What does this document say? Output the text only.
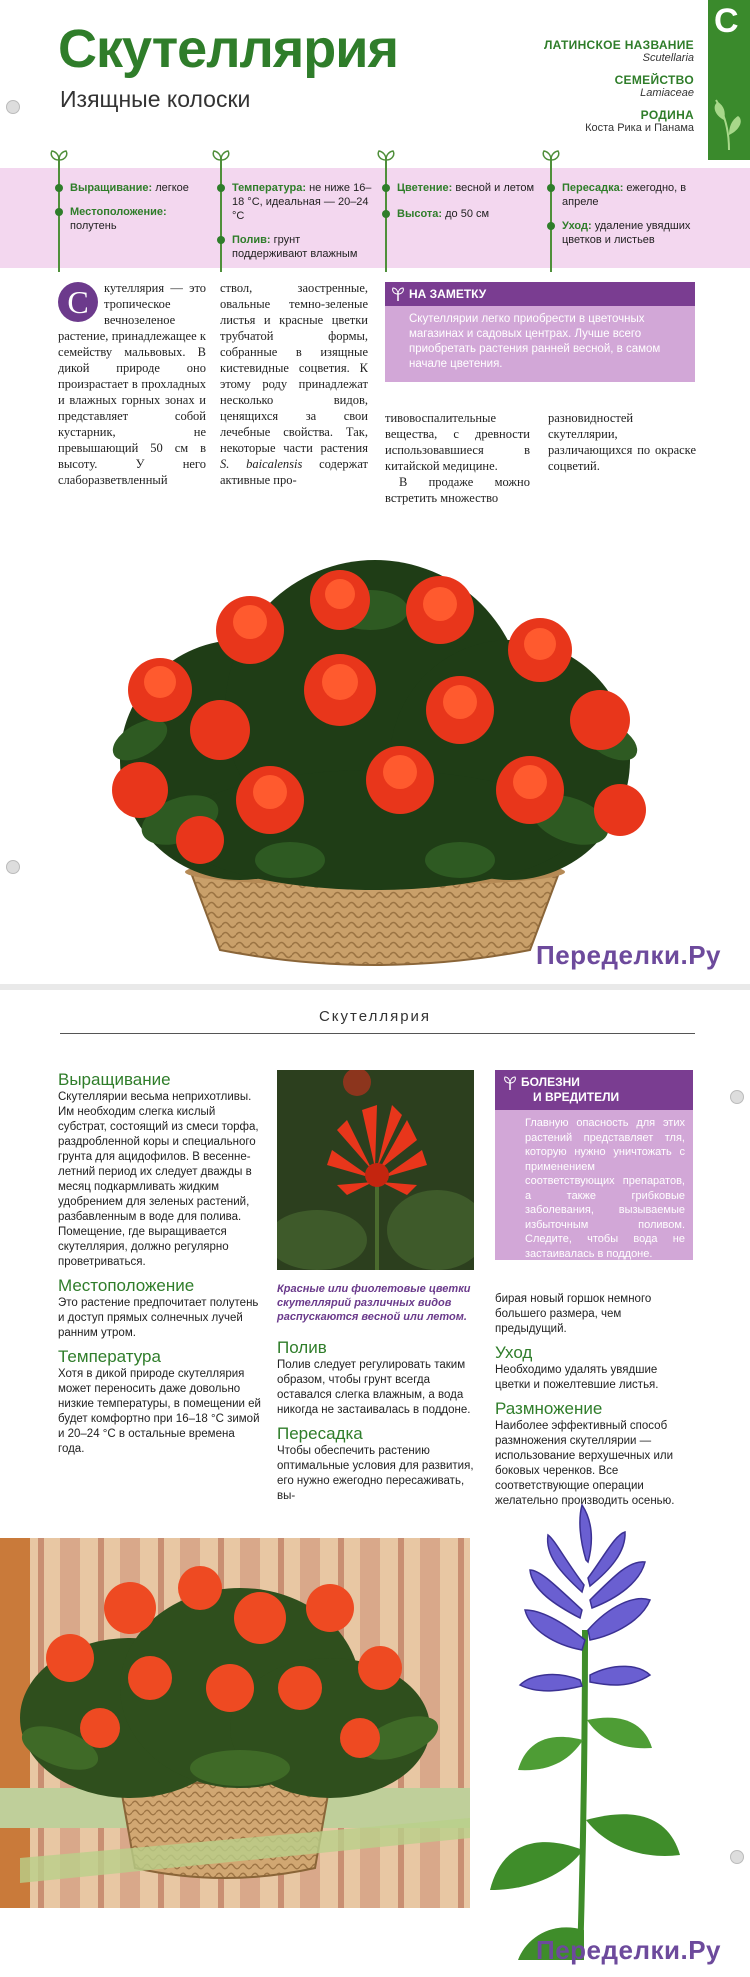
Скутеллярия
Изящные колоски
ЛАТИНСКОЕ НАЗВАНИЕ
Scutellaria
СЕМЕЙСТВО
Lamiaceae
РОДИНА
Коста Рика и Панама
С
Выращивание: легкое
Местоположение: полутень
Температура: не ниже 16–18 °С, идеальная — 20–24 °С
Полив: грунт поддерживают влажным
Цветение: весной и летом
Высота: до 50 см
Пересадка: ежегодно, в апреле
Уход: удаление увядших цветков и листьев
С	кутеллярия — это тропическое вечнозеленое растение, принадлежащее к семейству мальвовых. В дикой природе оно произрастает в прохладных и влажных горных зонах и представляет собой кустарник, не превышающий 50 см в высоту. У него слаборазветвленный
ствол, заостренные, овальные темно-зеленые листья и красные цветки трубчатой формы, собранные в изящные кистевидные соцветия. К этому роду принадлежат несколько видов, ценящихся за свои лечебные свойства. Так, некоторые части растения S. baicalensis содержат активные про-
НА ЗАМЕТКУ
Скутеллярии легко приобрести в цветочных магазинах и садовых центрах. Лучше всего приобретать растения ранней весной, в самом начале цветения.
тивовоспалительные вещества, с древности использовавшиеся в китайской медицине.
В продаже можно встретить множество
разновидностей скутеллярии, различающихся по окраске соцветий.
Переделки.Ру
Скутеллярия
Выращивание
Скутеллярии весьма неприхотливы. Им необходим слегка кислый субстрат, состоящий из смеси торфа, раздробленной коры и специального грунта для ацидофилов. В весенне-летний период их следует дважды в месяц подкармливать жидким удобрением для зеленых растений, разбавленным в воде для полива. Помещение, где выращивается скутеллярия, должно регулярно проветриваться.
Местоположение
Это растение предпочитает полутень и доступ прямых солнечных лучей ранним утром.
Температура
Хотя в дикой природе скутеллярия может переносить даже довольно низкие температуры, в помещении ей будет комфортно при 16–18 °С зимой и 20–24 °С в остальные времена года.
Красные или фиолетовые цветки скутеллярий различных видов распускаются весной или летом.
Полив
Полив следует регулировать таким образом, чтобы грунт всегда оставался слегка влажным, а вода никогда не застаивалась в поддоне.
Пересадка
Чтобы обеспечить растению оптимальные условия для развития, его нужно ежегодно пересаживать, вы-
БОЛЕЗНИ
И ВРЕДИТЕЛИ
Главную опасность для этих растений представляет тля, которую нужно уничтожать с применением соответствующих препаратов, а также грибковые заболевания, вызываемые избыточным поливом. Следите, чтобы вода не застаивалась в поддоне.
бирая новый горшок немного большего размера, чем предыдущий.
Уход
Необходимо удалять увядшие цветки и пожелтевшие листья.
Размножение
Наиболее эффективный способ размножения скутеллярии — использование верхушечных или боковых черенков. Все соответствующие операции желательно производить осенью.
Переделки.Ру
